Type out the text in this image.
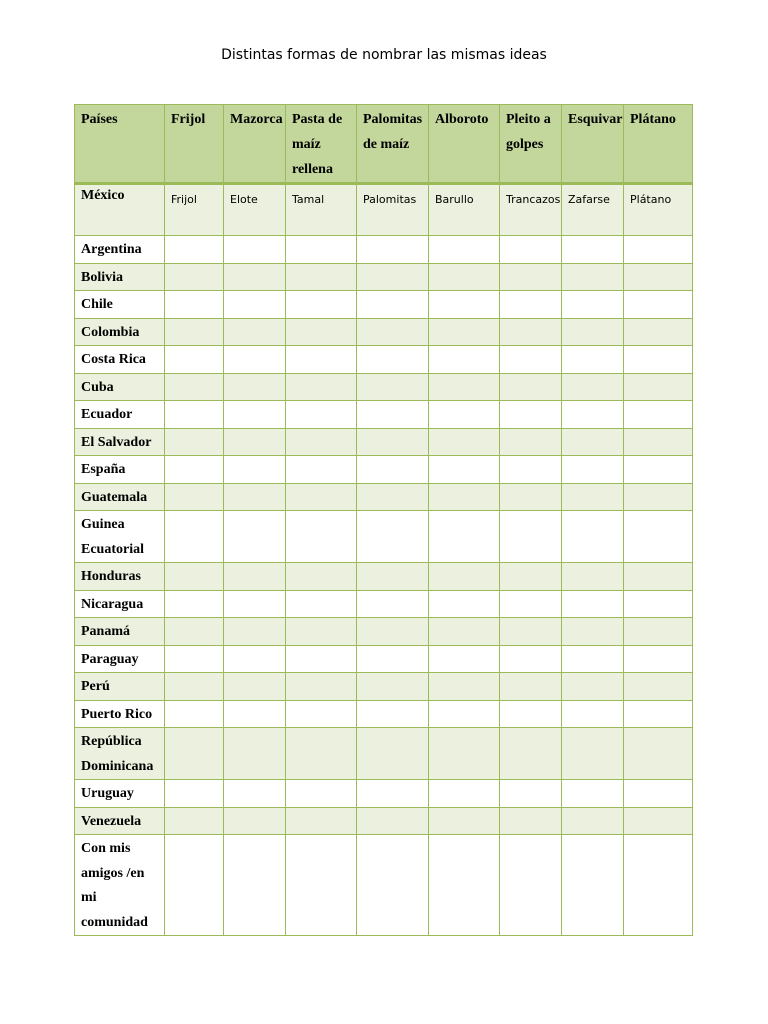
Distintas formas de nombrar las mismas ideas
Países	Frijol	Mazorca	Pasta de maíz rellena	Palomitas de maíz	Alboroto	Pleito a golpes	Esquivar	Plátano
México	Frijol	Elote	Tamal	Palomitas	Barullo	Trancazos	Zafarse	Plátano
Argentina								
Bolivia								
Chile								
Colombia								
Costa Rica								
Cuba								
Ecuador								
El Salvador								
España								
Guatemala								
Guinea Ecuatorial								
Honduras								
Nicaragua								
Panamá								
Paraguay								
Perú								
Puerto Rico								
República Dominicana								
Uruguay								
Venezuela								
Con mis amigos /en mi comunidad								
